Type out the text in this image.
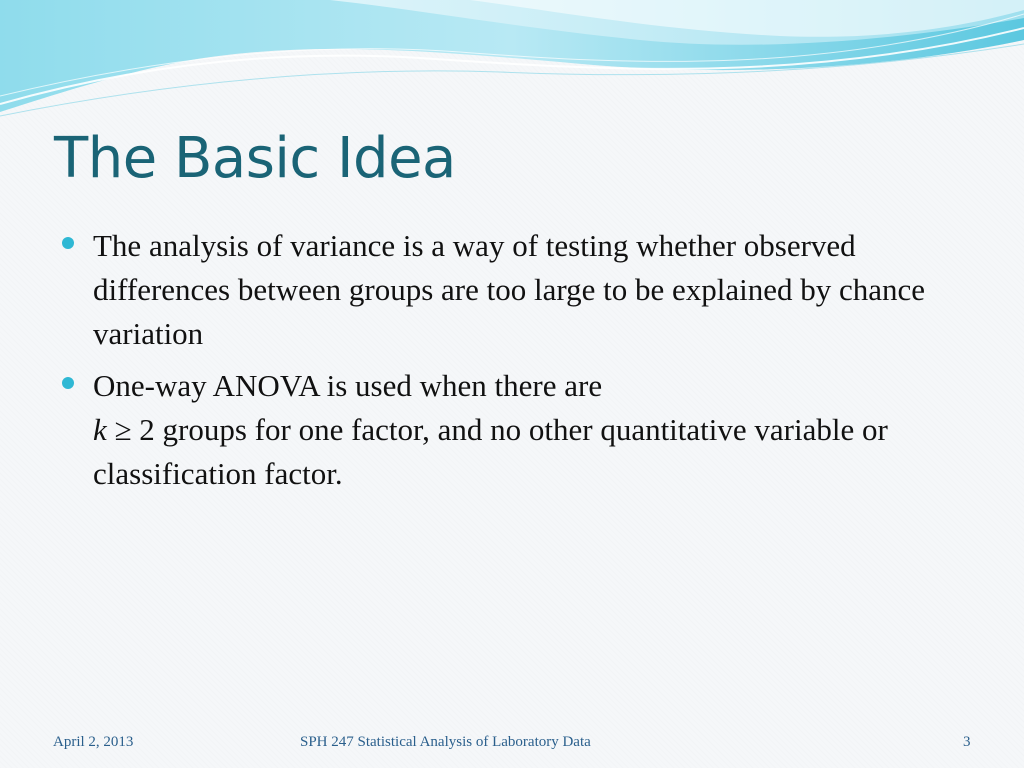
The Basic Idea
The analysis of variance is a way of testing whether observed differences between groups are too large to be explained by chance variation
One-way ANOVA is used when there are
k ≥ 2 groups for one factor, and no other quantitative variable or classification factor.
April 2, 2013	SPH 247 Statistical Analysis of Laboratory Data	3
